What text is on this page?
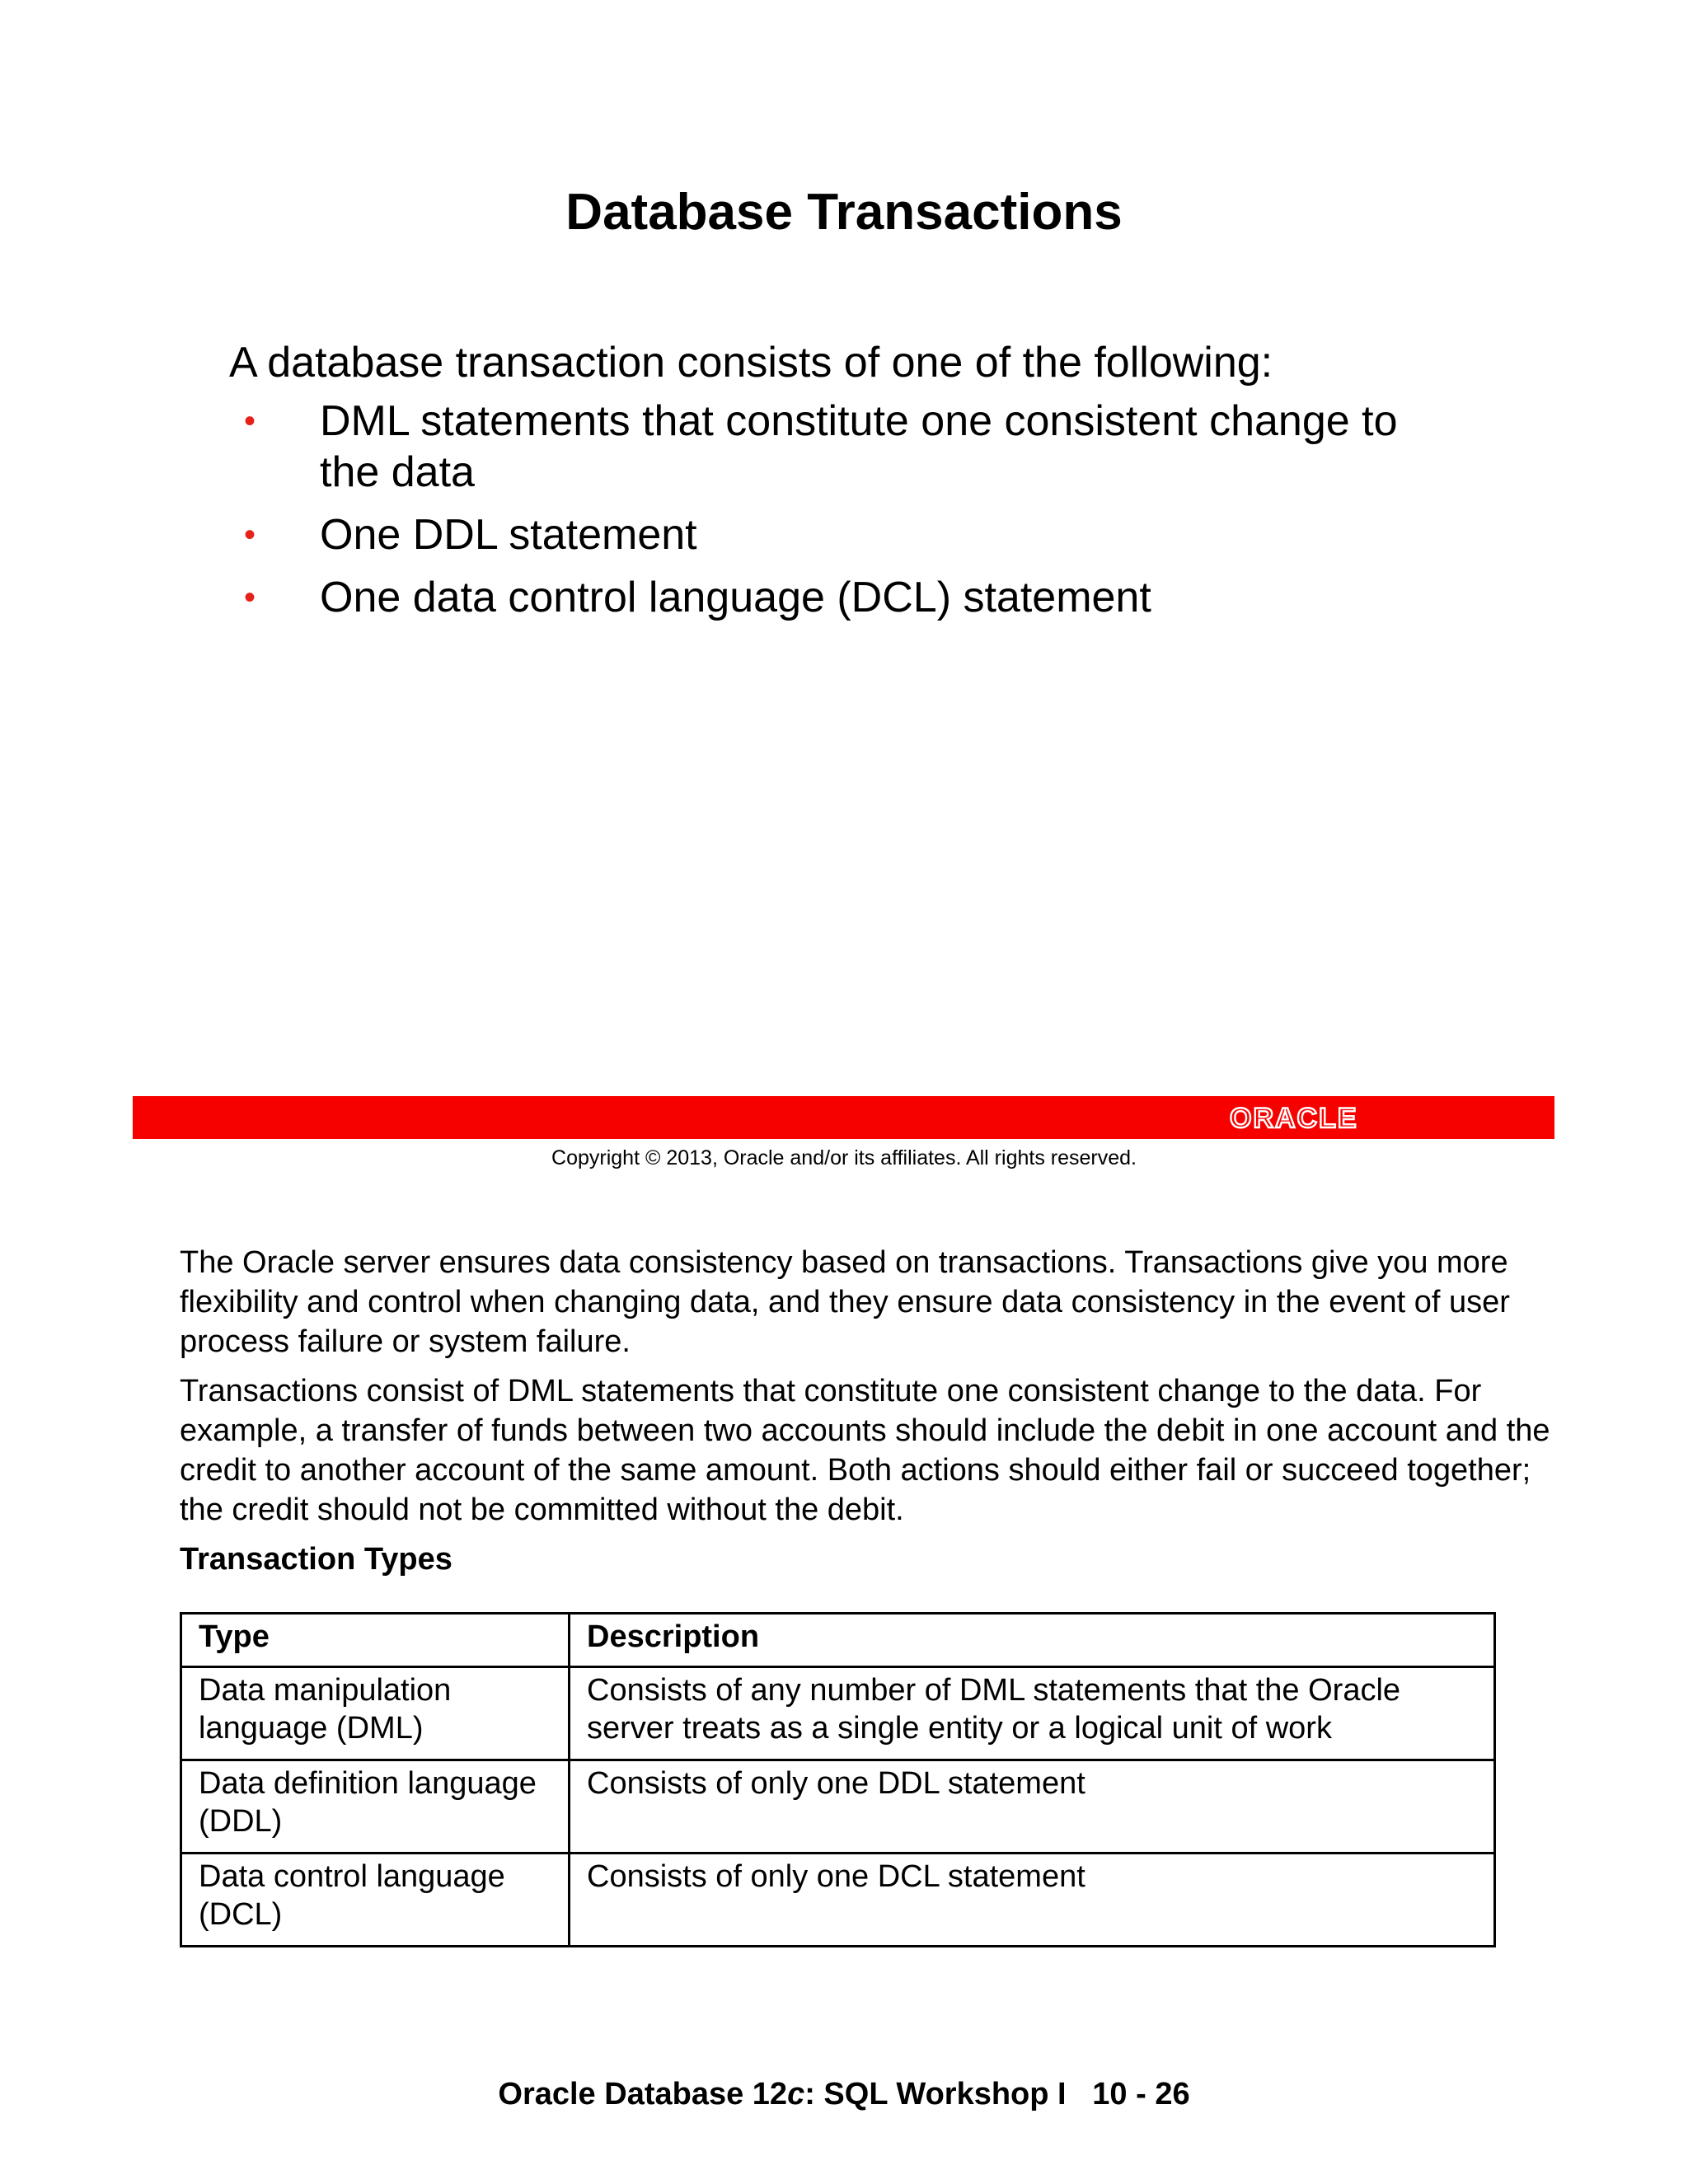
Database Transactions

A database transaction consists of one of the following:

• DML statements that constitute one consistent change to the data
• One DDL statement
• One data control language (DCL) statement
ORACLE

Copyright © 2013, Oracle and/or its affiliates. All rights reserved.

The Oracle server ensures data consistency based on transactions. Transactions give you more flexibility and control when changing data, and they ensure data consistency in the event of user process failure or system failure.

Transactions consist of DML statements that constitute one consistent change to the data. For example, a transfer of funds between two accounts should include the debit in one account and the credit to another account of the same amount. Both actions should either fail or succeed together; the credit should not be committed without the debit.

Transaction Types

Type	Description
Data manipulation language (DML)	Consists of any number of DML statements that the Oracle server treats as a single entity or a logical unit of work
Data definition language (DDL)	Consists of only one DDL statement
Data control language (DCL)	Consists of only one DCL statement

Oracle Database 12c: SQL Workshop I 10 - 26
